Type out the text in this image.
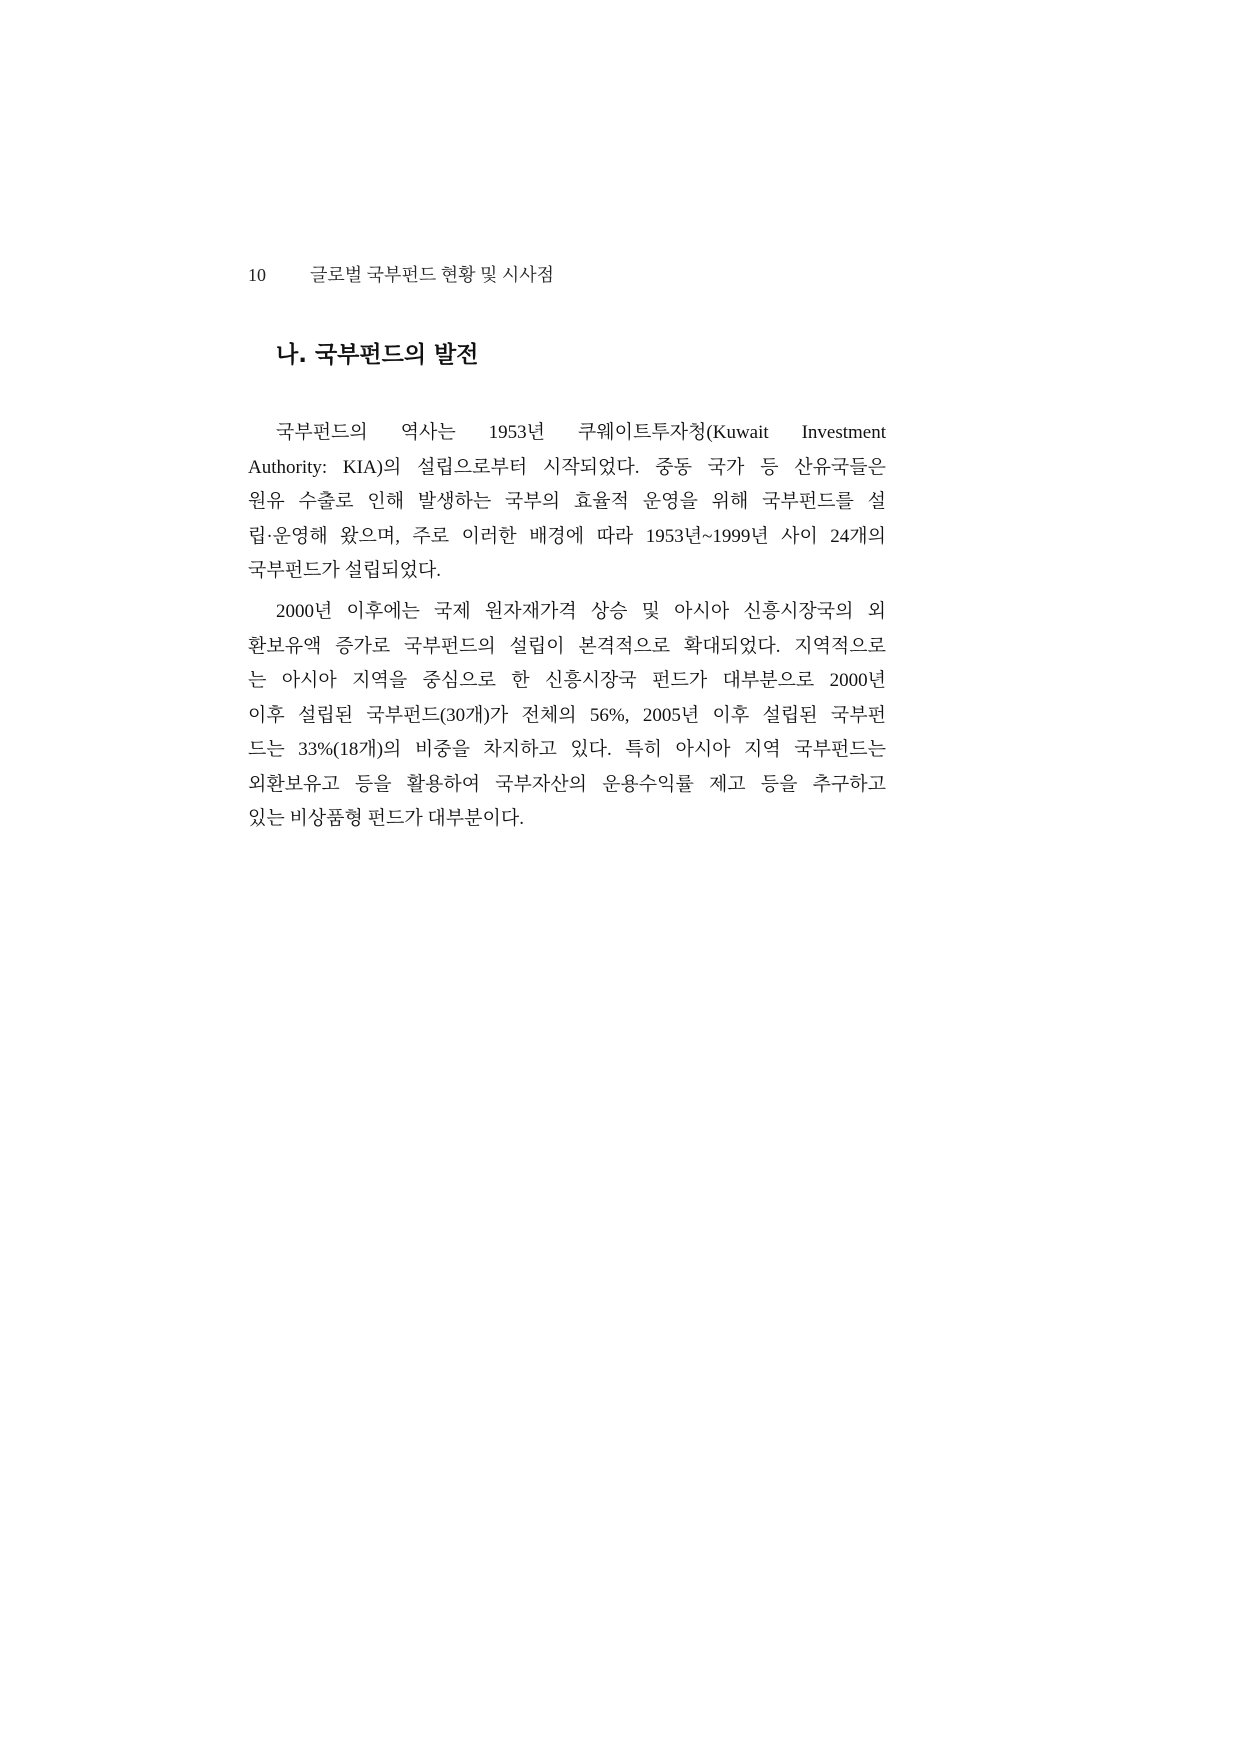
10 글로벌 국부펀드 현황 및 시사점
나. 국부펀드의 발전
국부펀드의 역사는 1953년 쿠웨이트투자청(Kuwait Investment
Authority: KIA)의 설립으로부터 시작되었다. 중동 국가 등 산유국들은
원유 수출로 인해 발생하는 국부의 효율적 운영을 위해 국부펀드를 설
립·운영해 왔으며, 주로 이러한 배경에 따라 1953년~1999년 사이 24개의
국부펀드가 설립되었다.
2000년 이후에는 국제 원자재가격 상승 및 아시아 신흥시장국의 외
환보유액 증가로 국부펀드의 설립이 본격적으로 확대되었다. 지역적으로
는 아시아 지역을 중심으로 한 신흥시장국 펀드가 대부분으로 2000년
이후 설립된 국부펀드(30개)가 전체의 56%, 2005년 이후 설립된 국부펀
드는 33%(18개)의 비중을 차지하고 있다. 특히 아시아 지역 국부펀드는
외환보유고 등을 활용하여 국부자산의 운용수익률 제고 등을 추구하고
있는 비상품형 펀드가 대부분이다.
